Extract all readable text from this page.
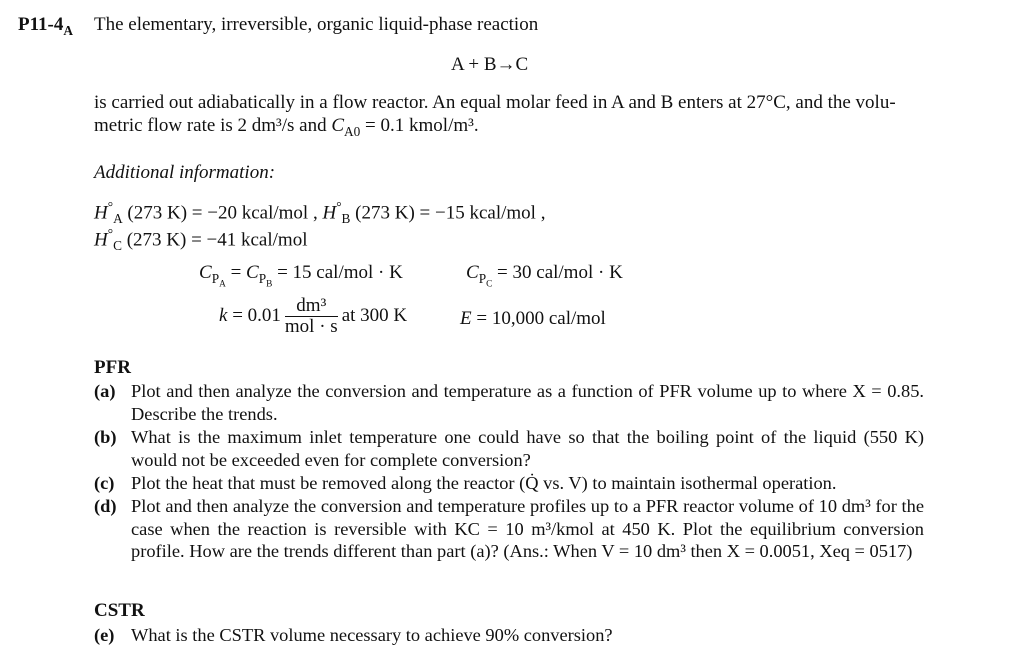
$P11-4_A$ The elementary, irreversible, organic liquid-phase reaction
A + B→C
is carried out adiabatically in a flow reactor. An equal molar feed in A and B enters at 27°C, and the volu-
metric flow rate is 2 dm³/s and $C_{A0} = 0.1$ kmol/m³.
Additional information:
$H^\circ_A$ (273 K) = −20 kcal/mol , $H^\circ_B$ (273 K) = −15 kcal/mol ,
$H^\circ_C$ (273 K) = −41 kcal/mol
$C_{P_A} = C_{P_B} = 15$ cal/mol · K	$C_{P_C} = 30$ cal/mol · K
$k = 0.01 \frac{\text{dm³}}{\text{mol · s}}$ at 300 K	E = 10,000 cal/mol
PFR
(a) Plot and then analyze the conversion and temperature as a function of PFR volume up to where X = 0.85. Describe the trends.
(b) What is the maximum inlet temperature one could have so that the boiling point of the liquid (550 K) would not be exceeded even for complete conversion?
(c) Plot the heat that must be removed along the reactor (Q̇ vs. V) to maintain isothermal operation.
(d) Plot and then analyze the conversion and temperature profiles up to a PFR reactor volume of 10 dm³ for the case when the reaction is reversible with KC = 10 m³/kmol at 450 K. Plot the equilibrium conversion profile. How are the trends different than part (a)? (Ans.: When V = 10 dm³ then X = 0.0051, Xeq = 0517)
CSTR
(e) What is the CSTR volume necessary to achieve 90% conversion?
